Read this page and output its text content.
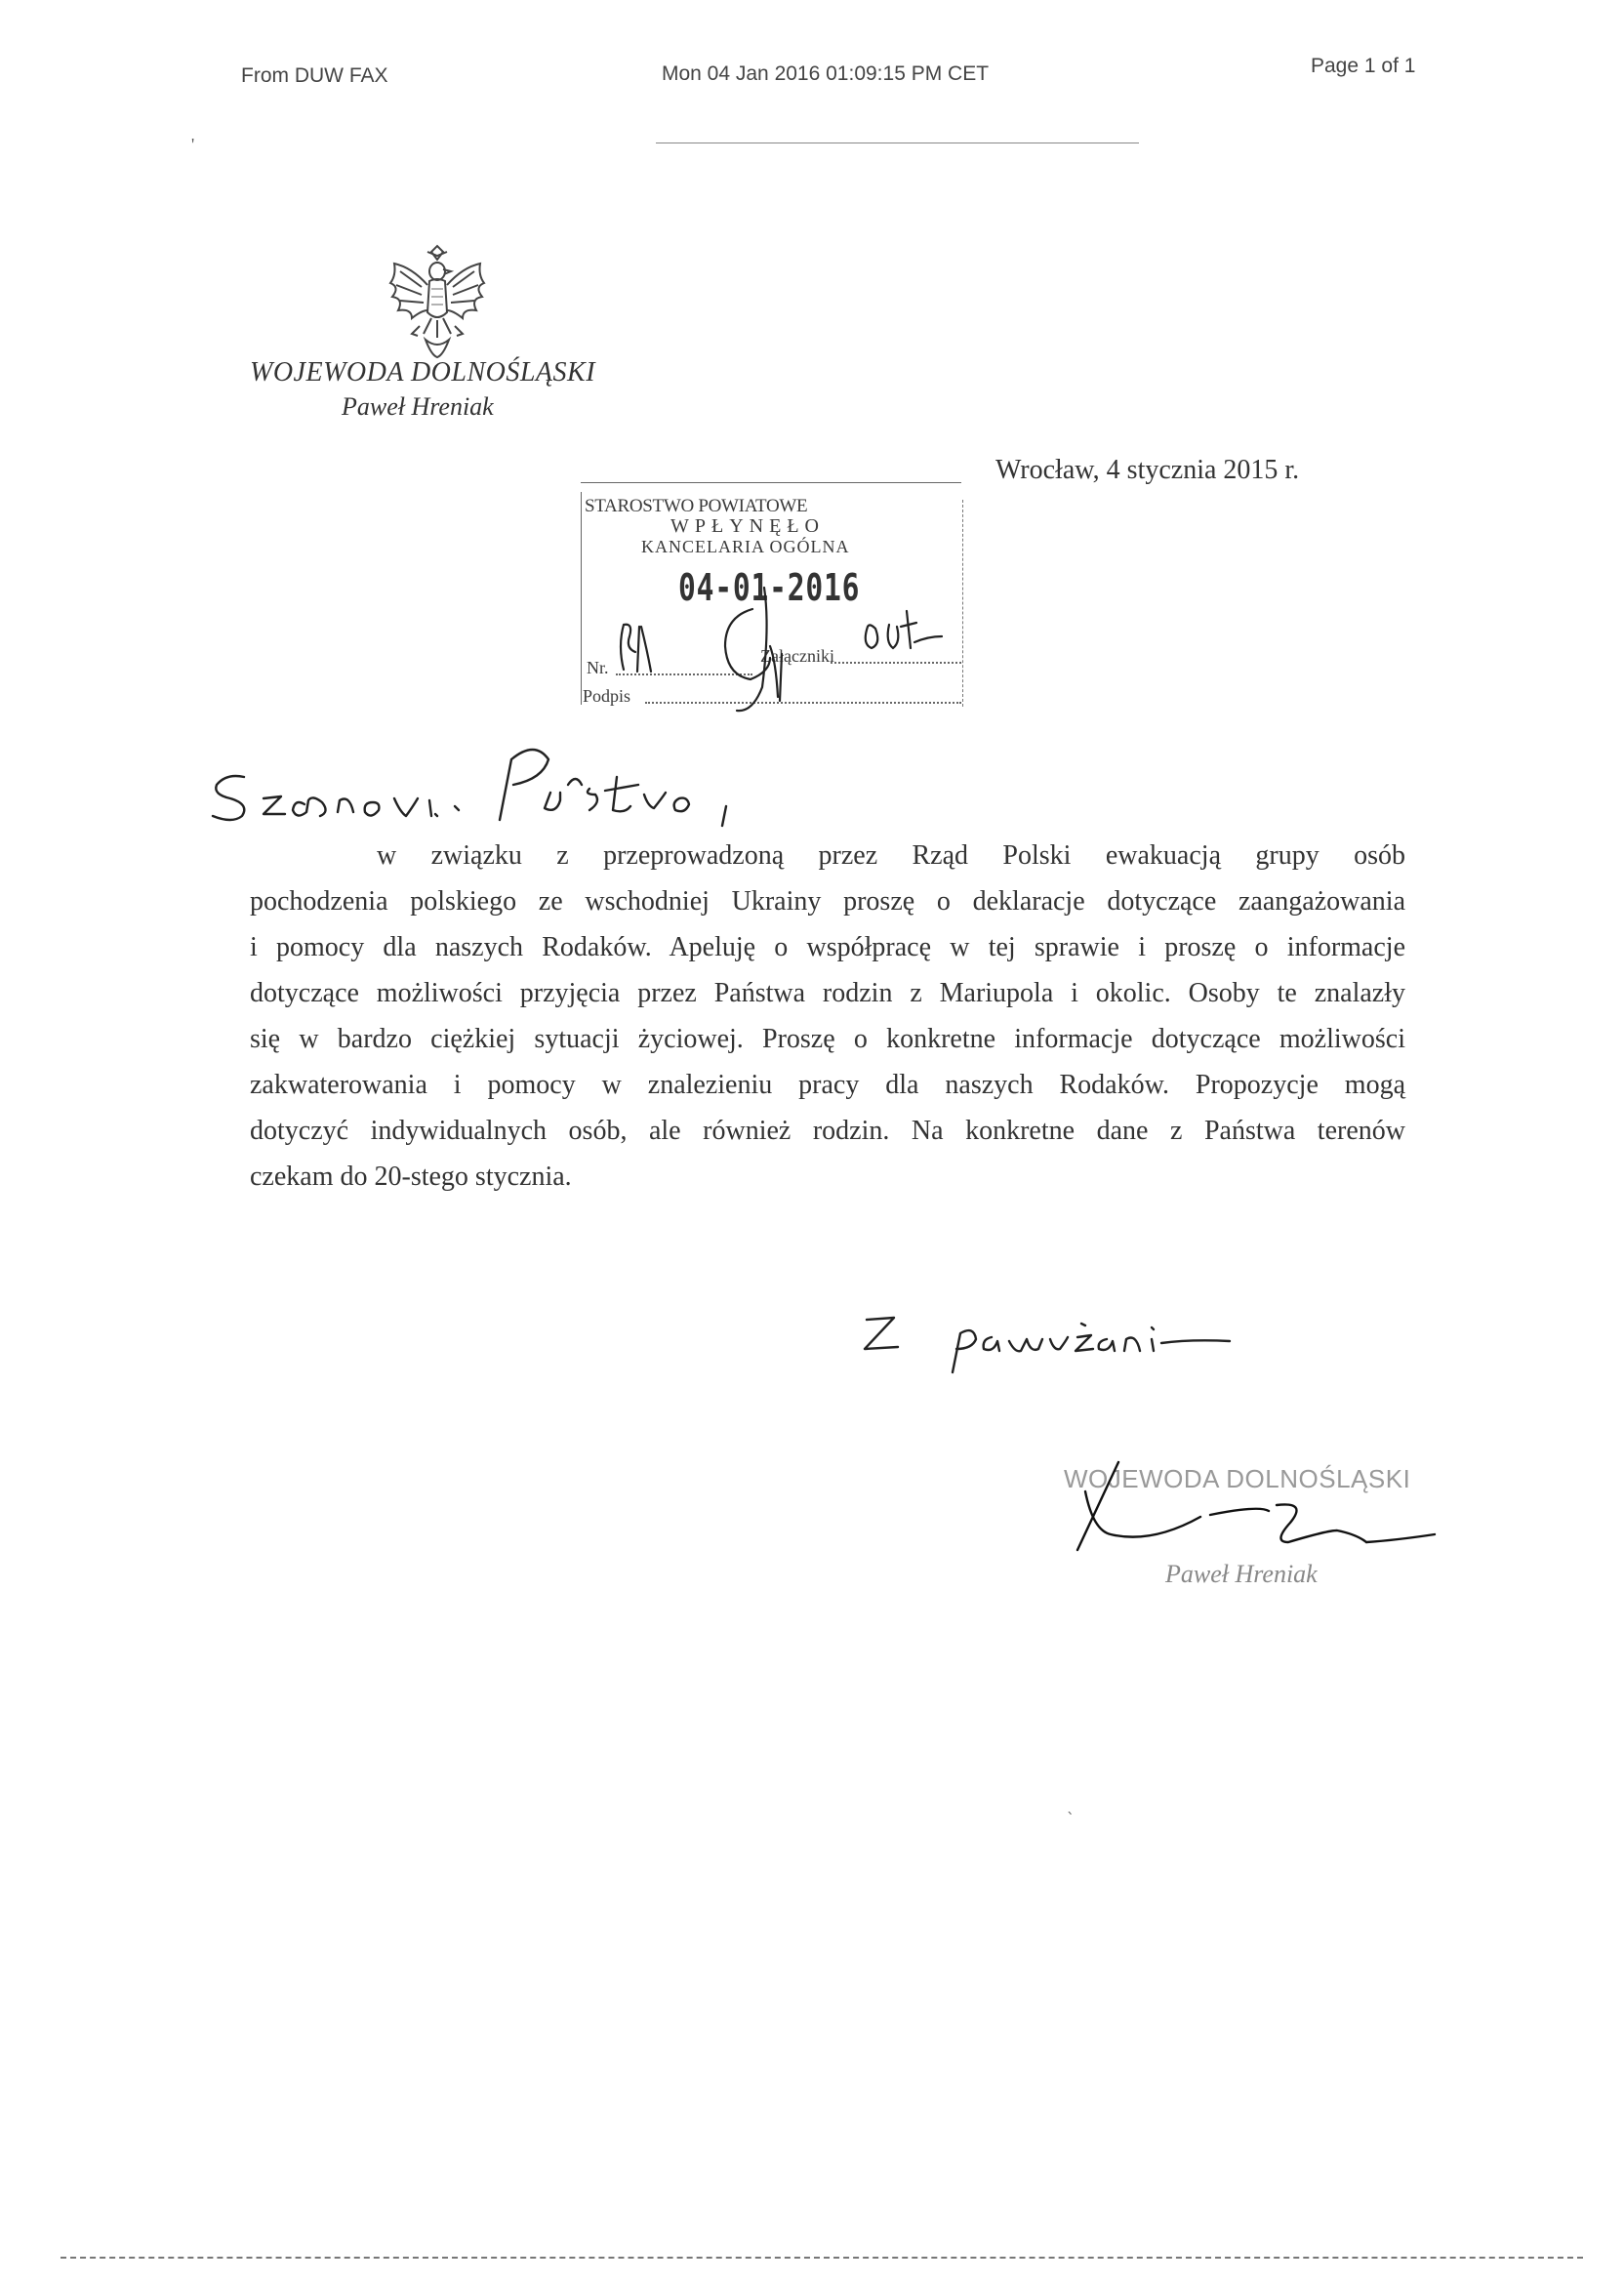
From DUW FAX	Mon 04 Jan 2016 01:09:15 PM CET	Page 1 of 1
'
WOJEWODA DOLNOŚLĄSKI
Paweł Hreniak
Wrocław, 4 stycznia 2015 r.
STAROSTWO POWIATOWE
WPŁYNĘŁO
KANCELARIA OGÓLNA
04-01-2016
Nr.
Załączniki
Podpis
w związku z przeprowadzoną przez Rząd Polski ewakuacją grupy osób
pochodzenia polskiego ze wschodniej Ukrainy proszę o deklaracje dotyczące zaangażowania
i pomocy dla naszych Rodaków. Apeluję o współpracę w tej sprawie i proszę o informacje
dotyczące możliwości przyjęcia przez Państwa rodzin z Mariupola i okolic. Osoby te znalazły
się w bardzo ciężkiej sytuacji życiowej. Proszę o konkretne informacje dotyczące możliwości
zakwaterowania i pomocy w znalezieniu pracy dla naszych Rodaków. Propozycje mogą
dotyczyć indywidualnych osób, ale również rodzin. Na konkretne dane z Państwa terenów
czekam do 20-stego stycznia.
WOJEWODA DOLNOŚLĄSKI
Paweł Hreniak
ˎ
